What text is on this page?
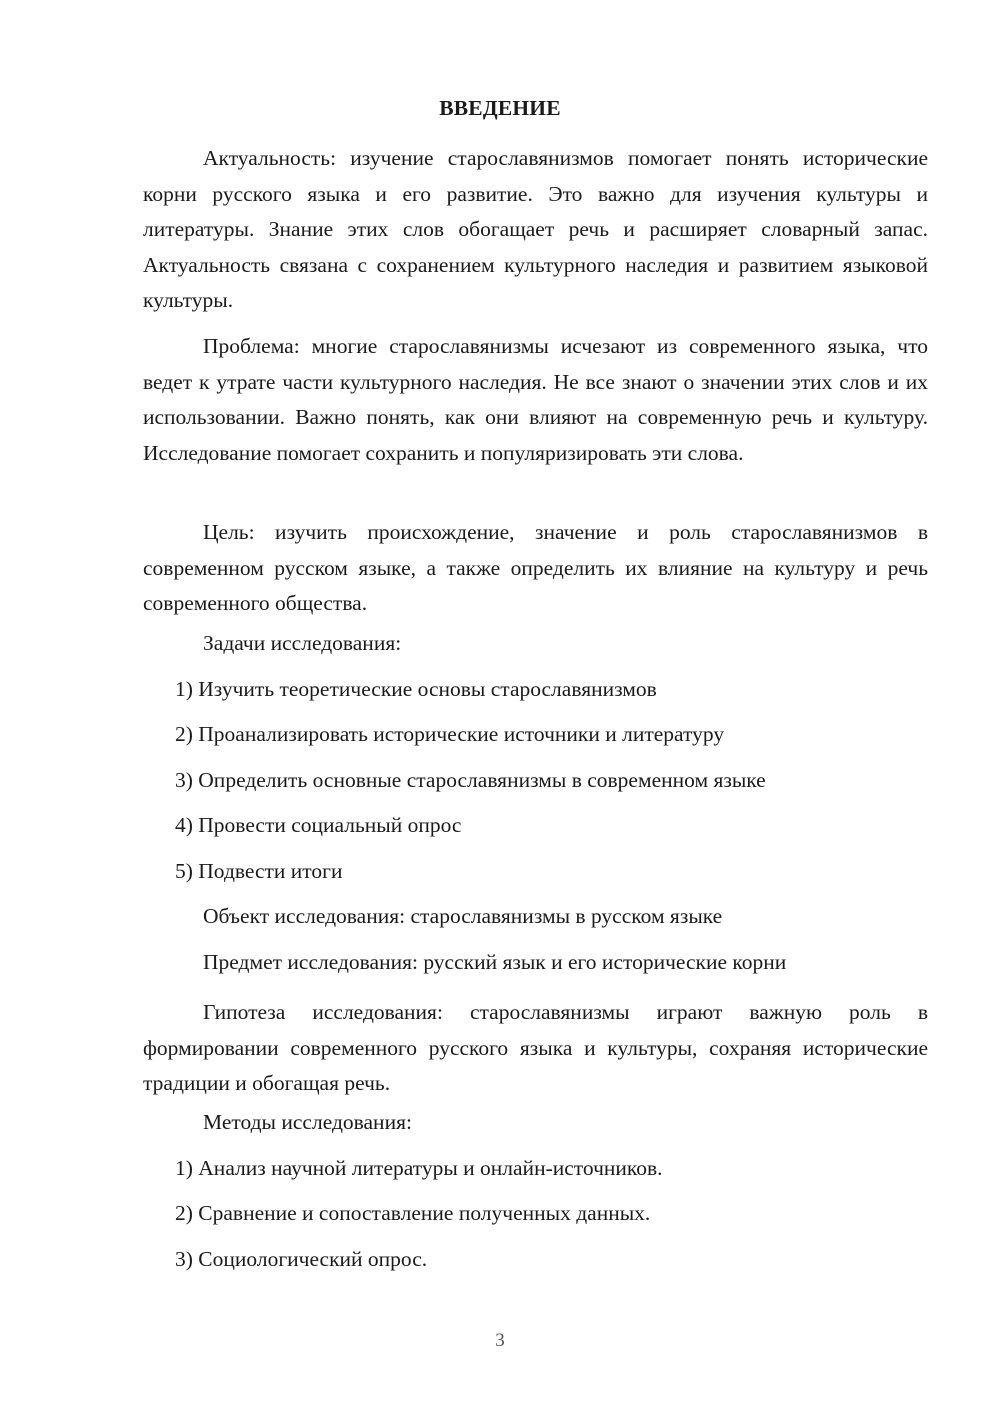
ВВЕДЕНИЕ

Актуальность: изучение старославянизмов помогает понять исторические корни русского языка и его развитие. Это важно для изучения культуры и литературы. Знание этих слов обогащает речь и расширяет словарный запас. Актуальность связана с сохранением культурного наследия и развитием языковой культуры.

Проблема: многие старославянизмы исчезают из современного языка, что ведет к утрате части культурного наследия. Не все знают о значении этих слов и их использовании. Важно понять, как они влияют на современную речь и культуру. Исследование помогает сохранить и популяризировать эти слова.

Цель: изучить происхождение, значение и роль старославянизмов в современном русском языке, а также определить их влияние на культуру и речь современного общества.

Задачи исследования:
1) Изучить теоретические основы старославянизмов
2) Проанализировать исторические источники и литературу
3) Определить основные старославянизмы в современном языке
4) Провести социальный опрос
5) Подвести итоги
Объект исследования: старославянизмы в русском языке
Предмет исследования: русский язык и его исторические корни

Гипотеза исследования: старославянизмы играют важную роль в формировании современного русского языка и культуры, сохраняя исторические традиции и обогащая речь.

Методы исследования:
1) Анализ научной литературы и онлайн-источников.
2) Сравнение и сопоставление полученных данных.
3) Социологический опрос.
3
